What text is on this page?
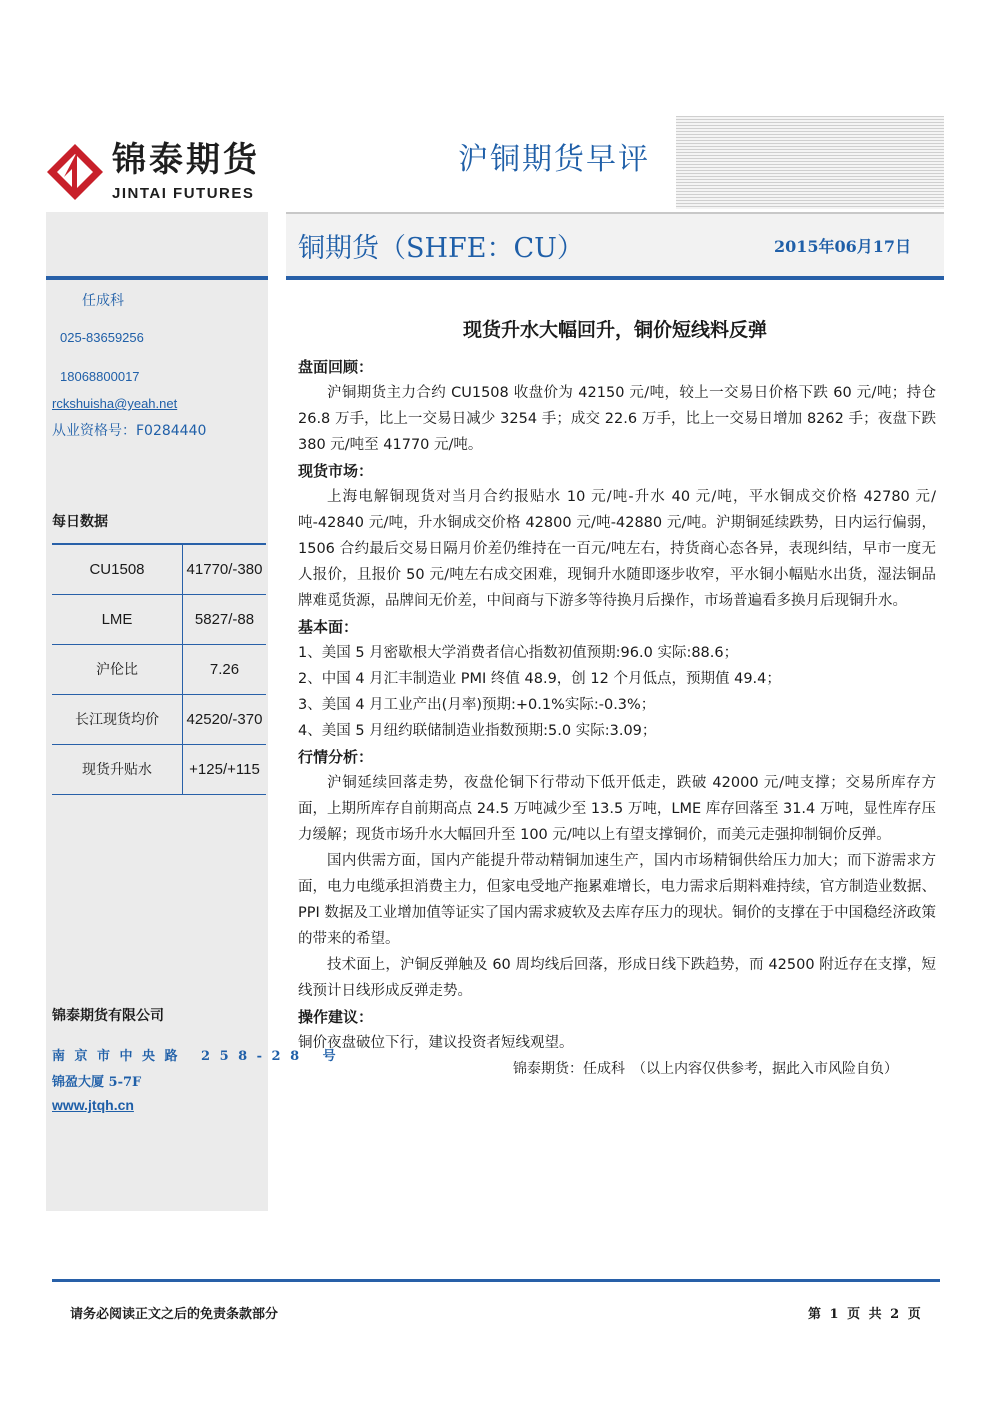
锦泰期货
JINTAI FUTURES
沪铜期货早评
铜期货（SHFE：CU）	2015年06月17日
任成科
025-83659256
18068800017
rckshuisha@yeah.net
从业资格号：F0284440
每日数据
CU1508	41770/-380
LME	5827/-88
沪伦比	7.26
长江现货均价	42520/-370
现货升贴水	+125/+115
锦泰期货有限公司
南京市中央路 258-28 号
锦盈大厦 5-7F
www.jtqh.cn
现货升水大幅回升，铜价短线料反弹
盘面回顾：

沪铜期货主力合约 CU1508 收盘价为 42150 元/吨，较上一交易日价格下跌 60 元/吨；持仓 26.8 万手，比上一交易日减少 3254 手；成交 22.6 万手，比上一交易日增加 8262 手；夜盘下跌 380 元/吨至 41770 元/吨。

现货市场：

上海电解铜现货对当月合约报贴水 10 元/吨-升水 40 元/吨，平水铜成交价格 42780 元/吨-42840 元/吨，升水铜成交价格 42800 元/吨-42880 元/吨。沪期铜延续跌势，日内运行偏弱，1506 合约最后交易日隔月价差仍维持在一百元/吨左右，持货商心态各异，表现纠结，早市一度无人报价，且报价 50 元/吨左右成交困难，现铜升水随即逐步收窄，平水铜小幅贴水出货，湿法铜品牌难觅货源，品牌间无价差，中间商与下游多等待换月后操作，市场普遍看多换月后现铜升水。

基本面：

1、美国 5 月密歇根大学消费者信心指数初值预期:96.0 实际:88.6；

2、中国 4 月汇丰制造业 PMI 终值 48.9，创 12 个月低点，预期值 49.4；

3、美国 4 月工业产出(月率)预期:+0.1%实际:-0.3%；

4、美国 5 月纽约联储制造业指数预期:5.0 实际:3.09；

行情分析：

沪铜延续回落走势，夜盘伦铜下行带动下低开低走，跌破 42000 元/吨支撑；交易所库存方面，上期所库存自前期高点 24.5 万吨减少至 13.5 万吨，LME 库存回落至 31.4 万吨，显性库存压力缓解；现货市场升水大幅回升至 100 元/吨以上有望支撑铜价，而美元走强抑制铜价反弹。

国内供需方面，国内产能提升带动精铜加速生产，国内市场精铜供给压力加大；而下游需求方面，电力电缆承担消费主力，但家电受地产拖累难增长，电力需求后期料难持续，官方制造业数据、PPI 数据及工业增加值等证实了国内需求疲软及去库存压力的现状。铜价的支撑在于中国稳经济政策的带来的希望。

技术面上，沪铜反弹触及 60 周均线后回落，形成日线下跌趋势，而 42500 附近存在支撑，短线预计日线形成反弹走势。

操作建议：

铜价夜盘破位下行，建议投资者短线观望。

锦泰期货：任成科　（以上内容仅供参考，据此入市风险自负）
请务必阅读正文之后的免责条款部分	第 1 页 共 2 页
